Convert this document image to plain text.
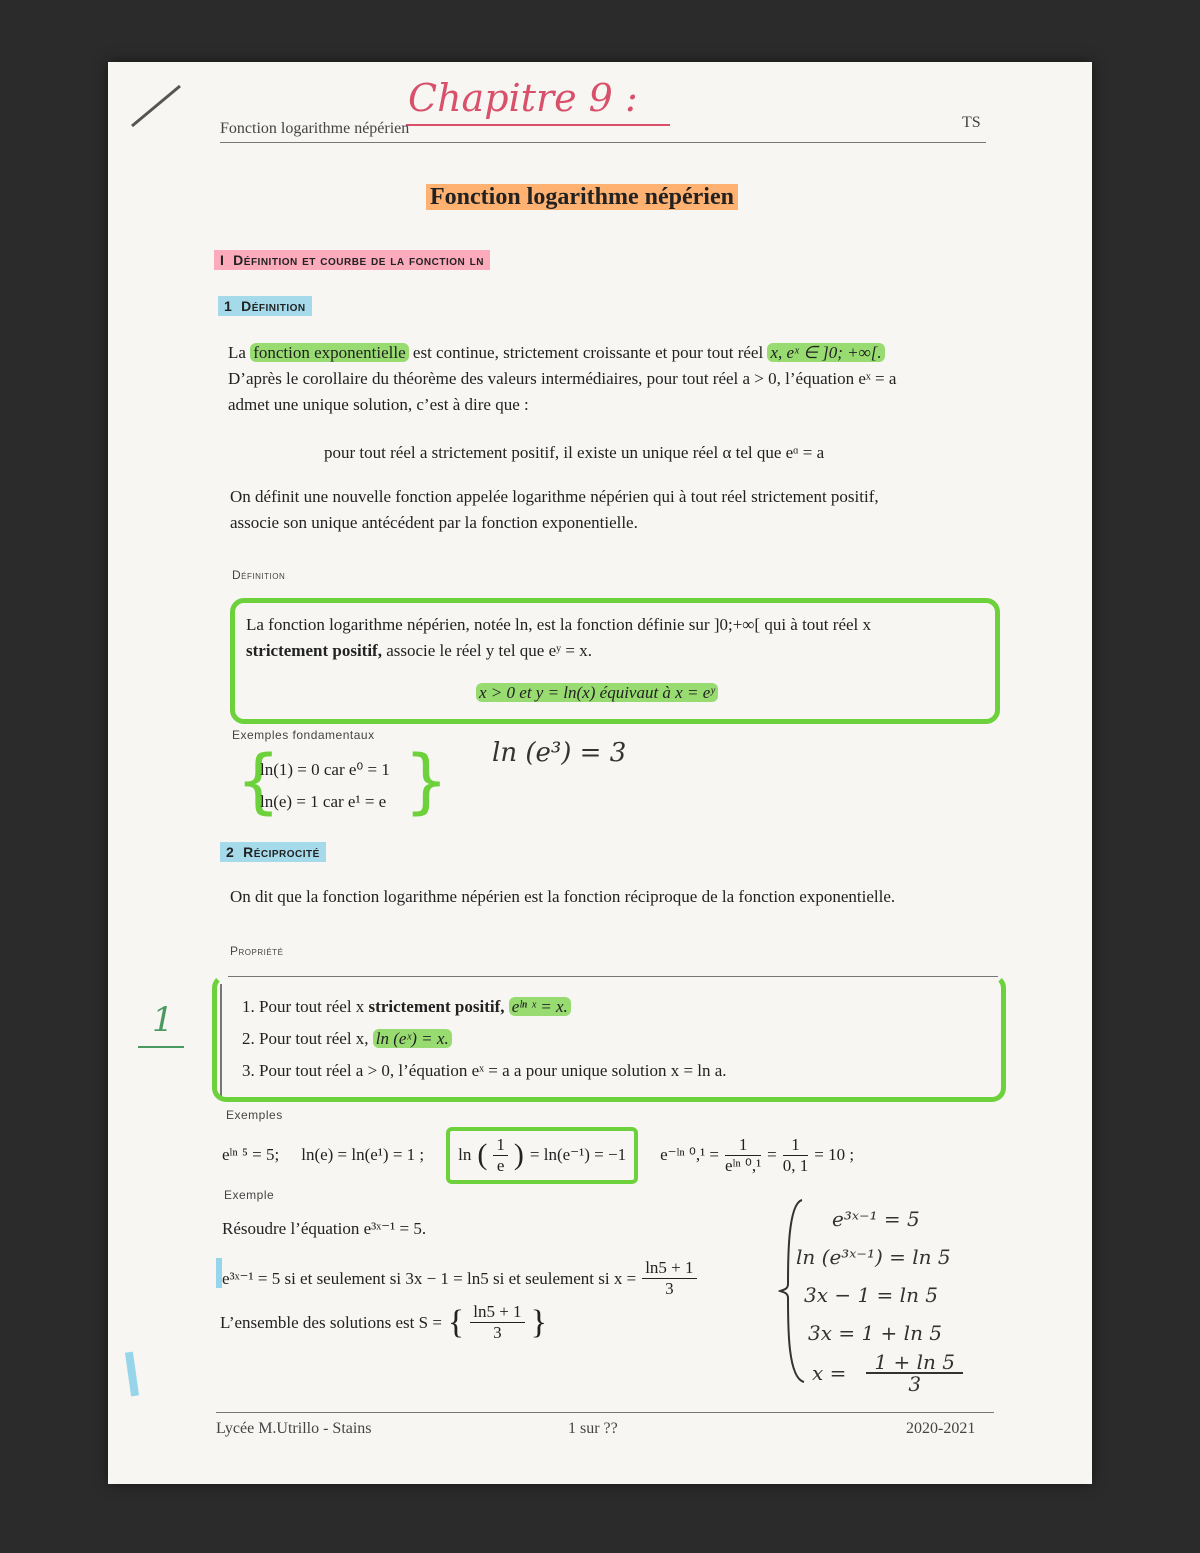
Chapitre 9 :
Fonction logarithme népérien	TS
Fonction logarithme népérien
I Définition et courbe de la fonction ln
1 Définition
La fonction exponentielle est continue, strictement croissante et pour tout réel x, eˣ ∈ ]0; +∞[.
D’après le corollaire du théorème des valeurs intermédiaires, pour tout réel a > 0, l’équation eˣ = a
admet une unique solution, c’est à dire que :
pour tout réel a strictement positif, il existe un unique réel α tel que eᵅ = a
On définit une nouvelle fonction appelée logarithme népérien qui à tout réel strictement positif,
associe son unique antécédent par la fonction exponentielle.
Définition
La fonction logarithme népérien, notée ln, est la fonction définie sur ]0;+∞[ qui à tout réel x
strictement positif, associe le réel y tel que eʸ = x.
x > 0 et y = ln(x) équivaut à x = eʸ
Exemples fondamentaux
{ }
ln(1) = 0 car e⁰ = 1
ln(e) = 1 car e¹ = e
ln (e³) = 3
2 Réciprocité
On dit que la fonction logarithme népérien est la fonction réciproque de la fonction exponentielle.
Propriété
1. Pour tout réel x strictement positif, eˡⁿ ˣ = x.
2. Pour tout réel x, ln (eˣ) = x.
3. Pour tout réel a > 0, l’équation eˣ = a a pour unique solution x = ln a.
1
Exemples
eˡⁿ ⁵ = 5; ln(e) = ln(e¹) = 1 ; ln ( $\frac{1}{e}$ ) = ln(e⁻¹) = −1 e⁻ˡⁿ $^0,^1 = \frac{1}{\text{eˡⁿ ⁰,¹}} = \frac{1}{0, 1} = 10$ ;
Exemple
Résoudre l’équation e³ˣ⁻¹ = 5.
e³ˣ⁻¹ = 5 si et seulement si 3x − 1 = ln5 si et seulement si $x = \frac{\ln 5 + 1}{3}$
L’ensemble des solutions est S = { $\frac{\ln 5 + 1}{3}$ }
e³ˣ⁻¹ = 5
ln (e³ˣ⁻¹) = ln 5
3x − 1 = ln 5
3x = 1 + ln 5
$x = \frac{1 + \ln 5}{3}$
Lycée M.Utrillo - Stains	1 sur ??	2020-2021
